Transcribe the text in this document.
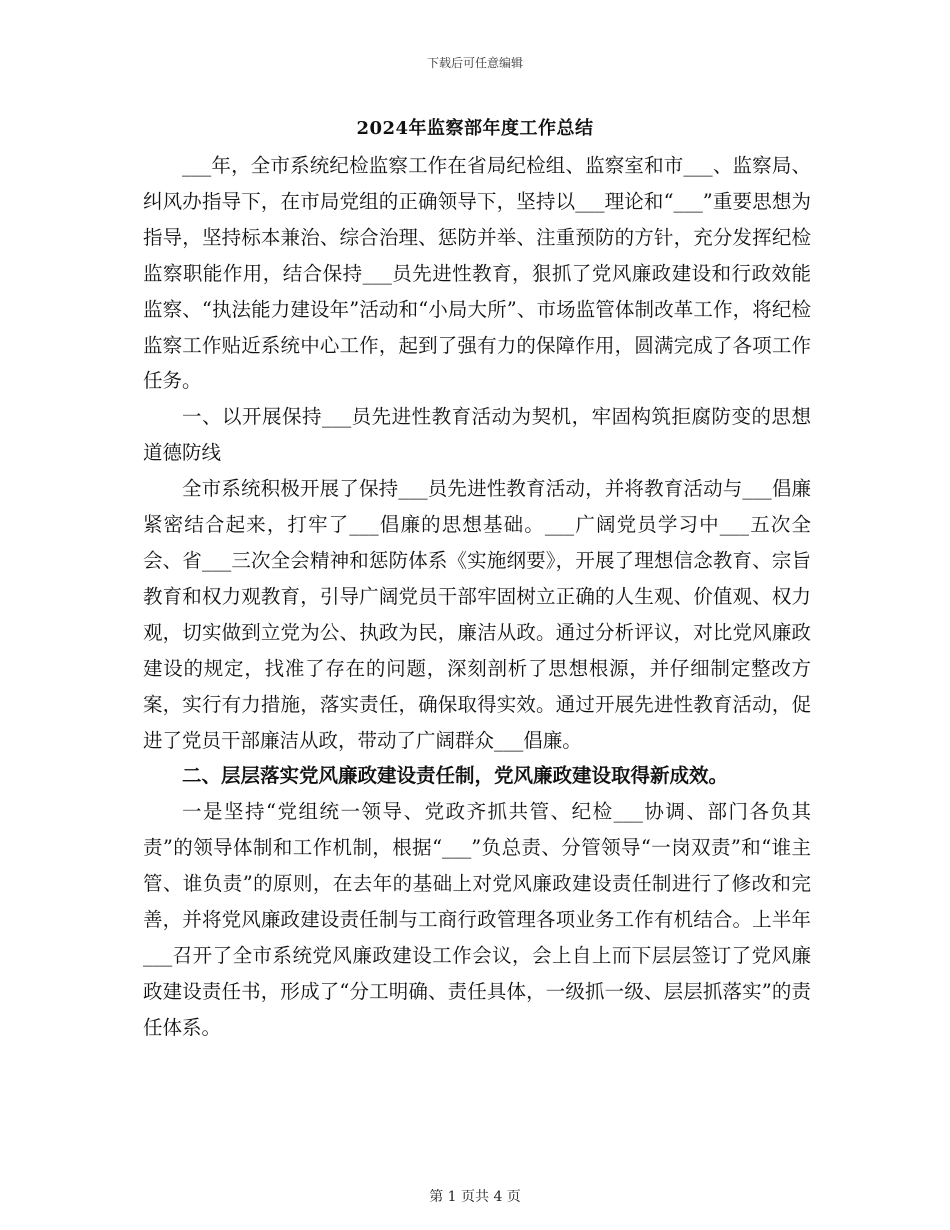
下载后可任意编辑
2024年监察部年度工作总结

___年，全市系统纪检监察工作在省局纪检组、监察室和市___、监察局、纠风办指导下，在市局党组的正确领导下，坚持以___理论和“___”重要思想为指导，坚持标本兼治、综合治理、惩防并举、注重预防的方针，充分发挥纪检监察职能作用，结合保持___员先进性教育，狠抓了党风廉政建设和行政效能监察、“执法能力建设年”活动和“小局大所”、市场监管体制改革工作，将纪检监察工作贴近系统中心工作，起到了强有力的保障作用，圆满完成了各项工作任务。

一、以开展保持___员先进性教育活动为契机，牢固构筑拒腐防变的思想道德防线

全市系统积极开展了保持___员先进性教育活动，并将教育活动与___倡廉紧密结合起来，打牢了___倡廉的思想基础。___广阔党员学习中___五次全会、省___三次全会精神和惩防体系《实施纲要》，开展了理想信念教育、宗旨教育和权力观教育，引导广阔党员干部牢固树立正确的人生观、价值观、权力观，切实做到立党为公、执政为民，廉洁从政。通过分析评议，对比党风廉政建设的规定，找准了存在的问题，深刻剖析了思想根源，并仔细制定整改方案，实行有力措施，落实责任，确保取得实效。通过开展先进性教育活动，促进了党员干部廉洁从政，带动了广阔群众___倡廉。

二、层层落实党风廉政建设责任制，党风廉政建设取得新成效。

一是坚持“党组统一领导、党政齐抓共管、纪检___协调、部门各负其责”的领导体制和工作机制，根据“___”负总责、分管领导“一岗双责”和“谁主管、谁负责”的原则，在去年的基础上对党风廉政建设责任制进行了修改和完善，并将党风廉政建设责任制与工商行政管理各项业务工作有机结合。上半年___召开了全市系统党风廉政建设工作会议，会上自上而下层层签订了党风廉政建设责任书，形成了“分工明确、责任具体，一级抓一级、层层抓落实”的责任体系。

第 1 页共 4 页
